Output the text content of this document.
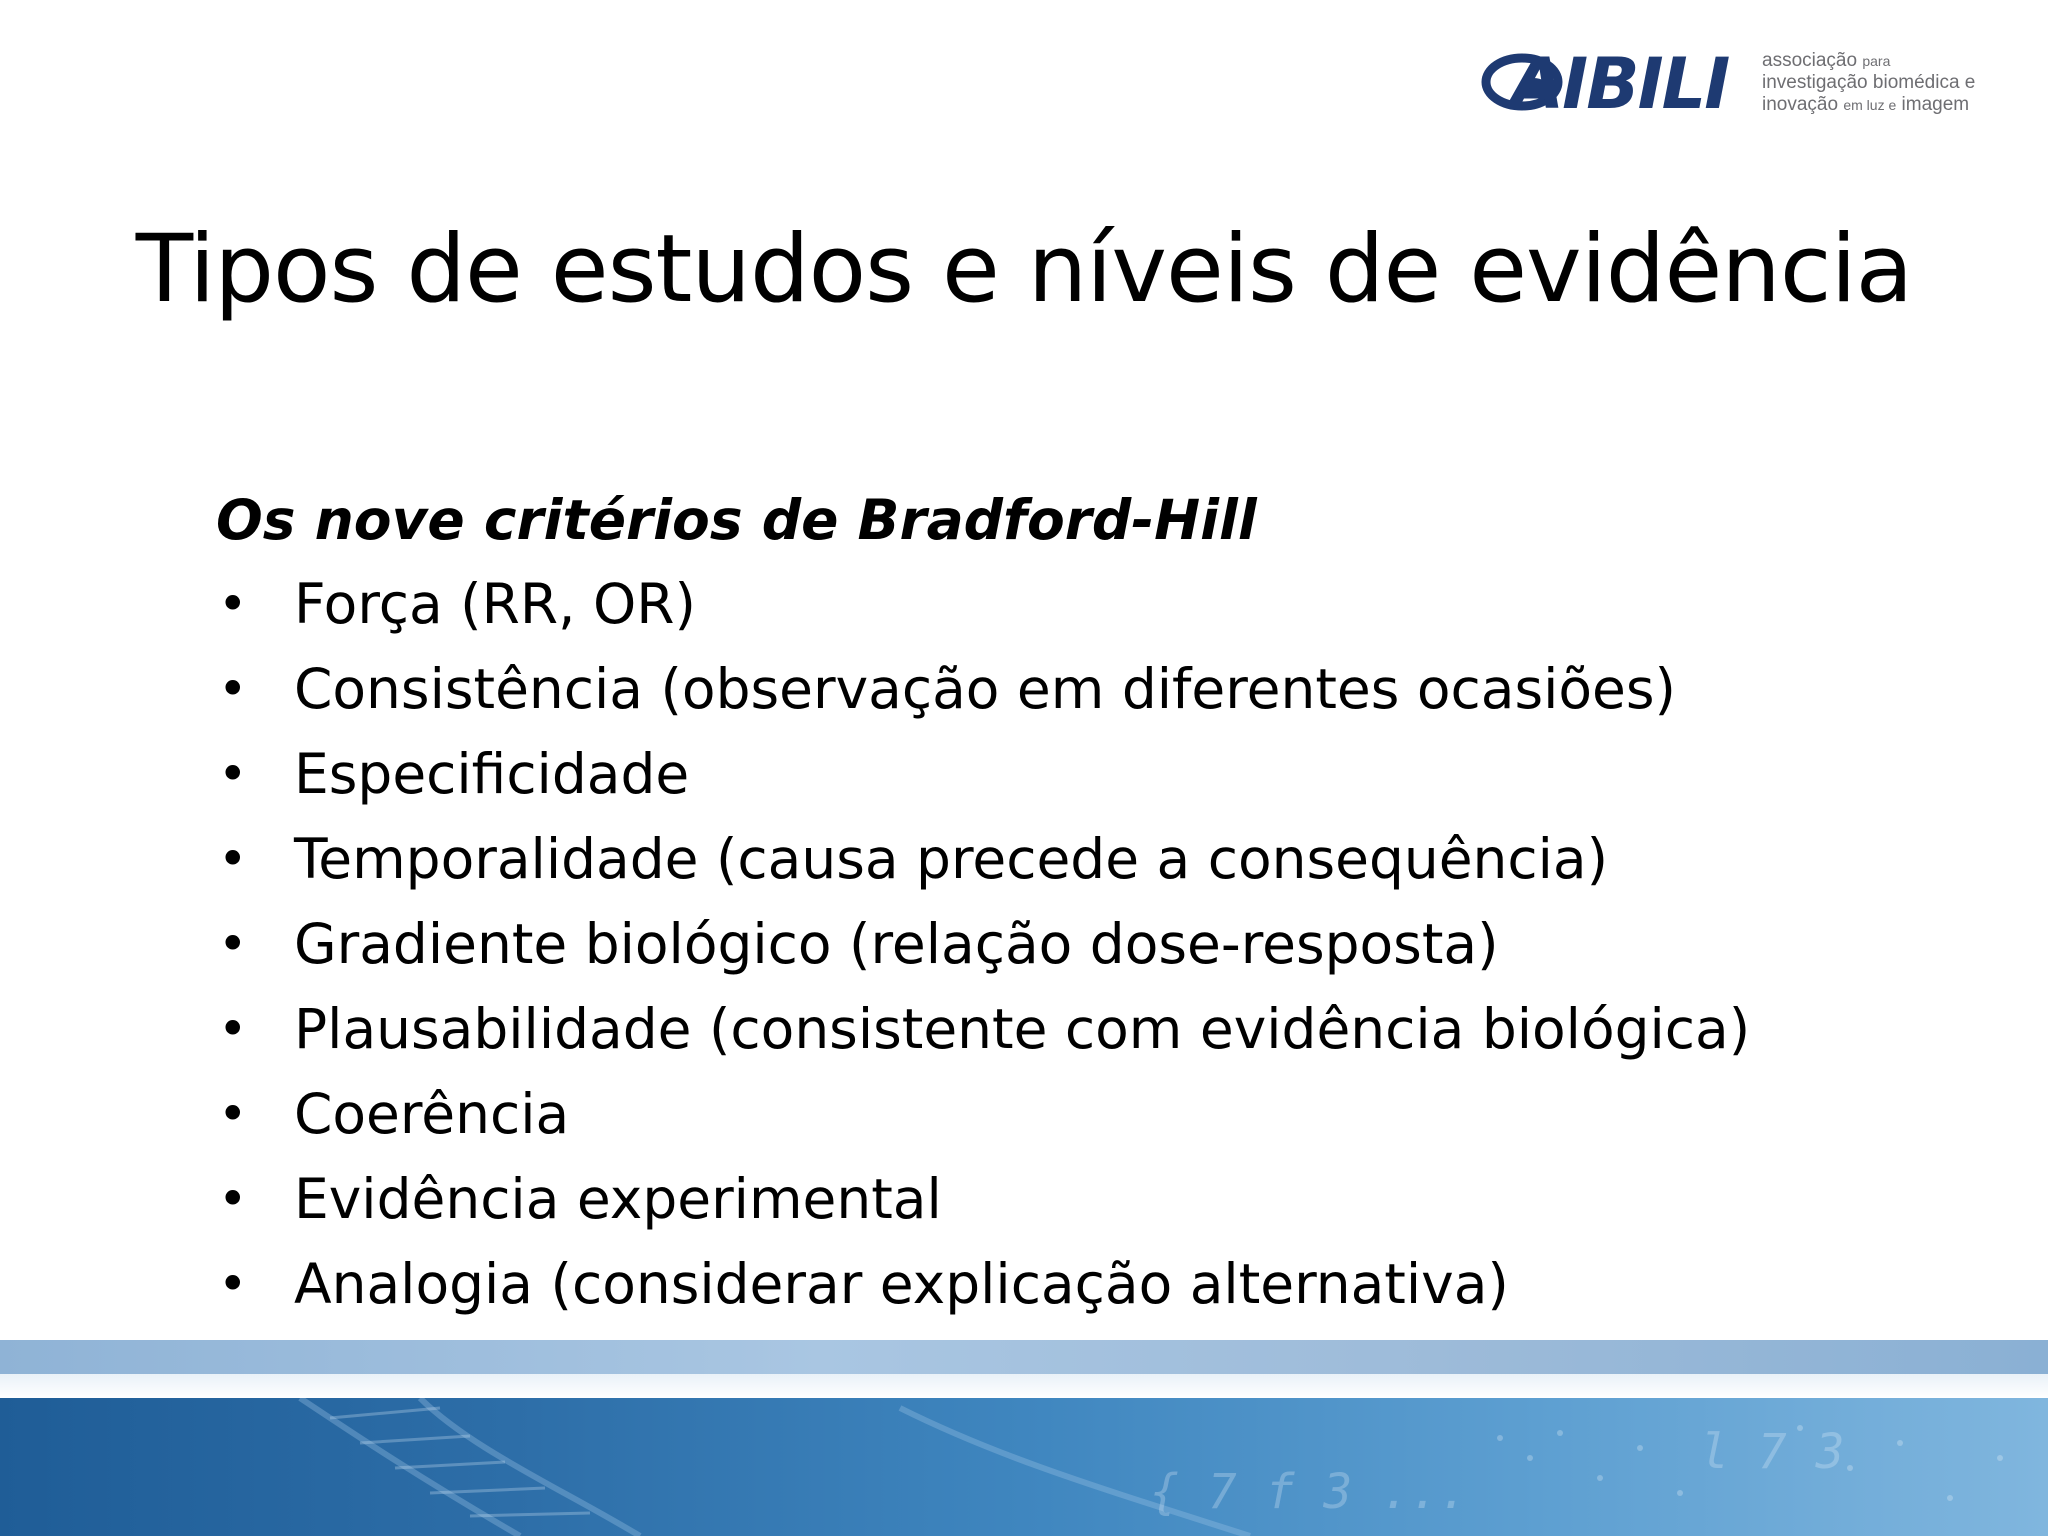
AIBILI associação para
investigação biomédica e
inovação em luz e imagem
Tipos de estudos e níveis de evidência
Os nove critérios de Bradford-Hill
• Força (RR, OR)
• Consistência (observação em diferentes ocasiões)
• Especificidade
• Temporalidade (causa precede a consequência)
• Gradiente biológico (relação dose-resposta)
• Plausabilidade (consistente com evidência biológica)
• Coerência
• Evidência experimental
• Analogia (considerar explicação alternativa)
{ 7 f 3 ...
l 7 3
